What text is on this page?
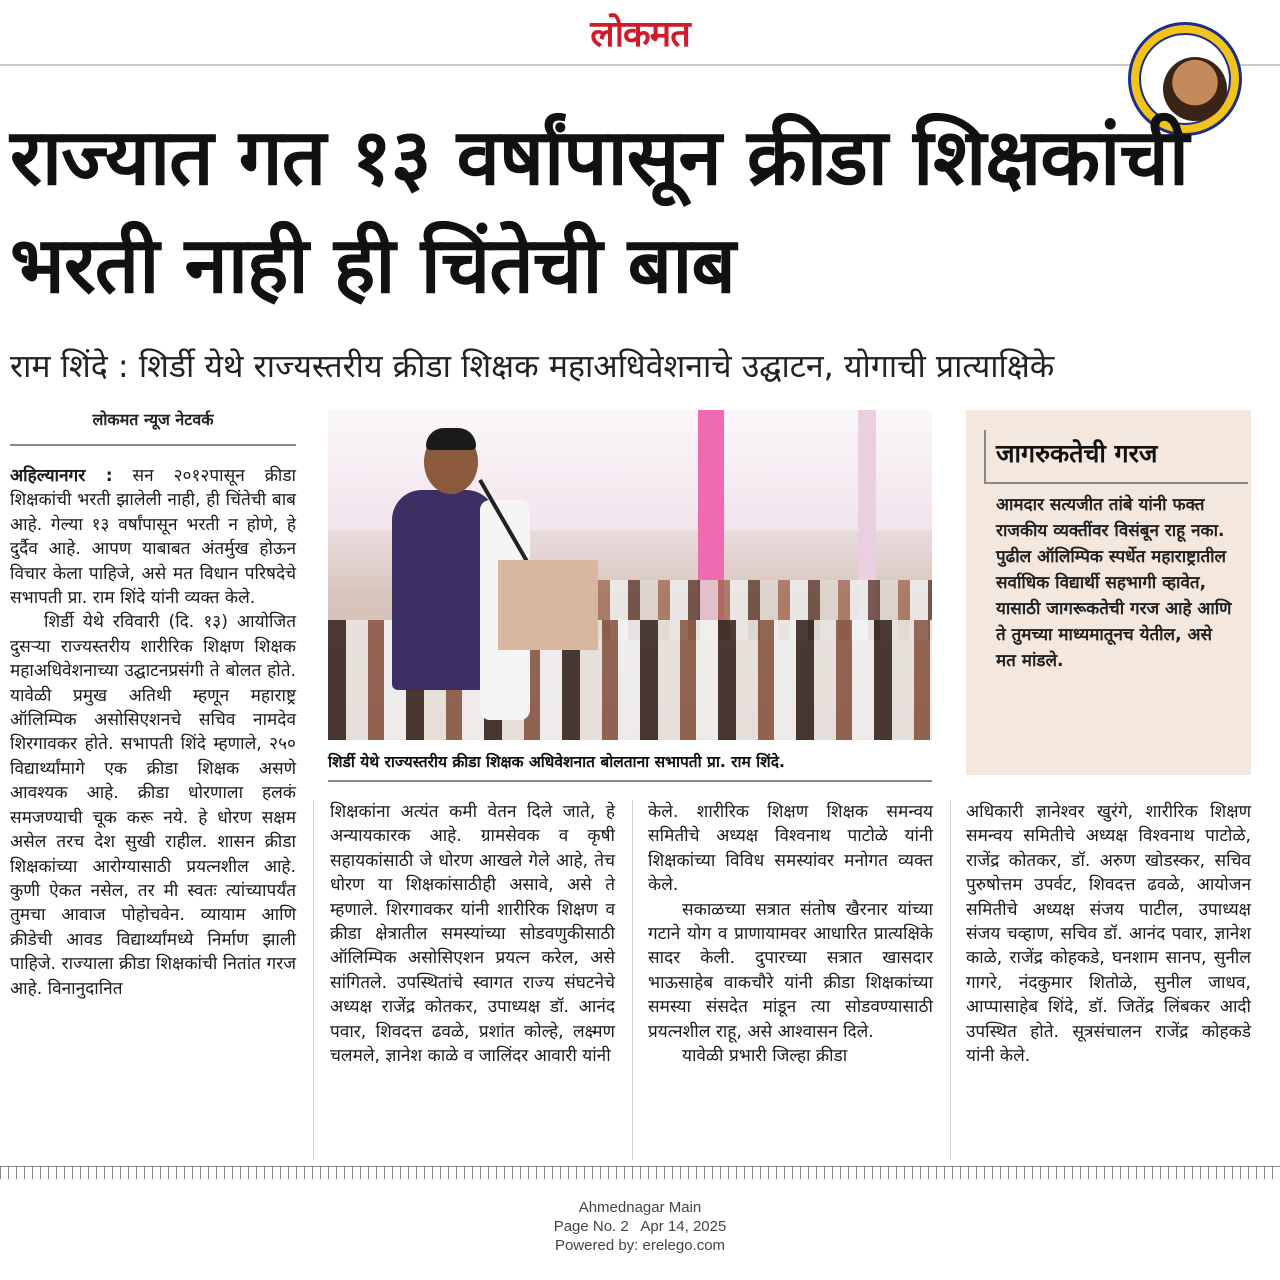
लोकमत
राज्यात गत १३ वर्षांपासून क्रीडा शिक्षकांची भरती नाही ही चिंतेची बाब

राम शिंदे : शिर्डी येथे राज्यस्तरीय क्रीडा शिक्षक महाअधिवेशनाचे उद्घाटन, योगाची प्रात्याक्षिके

लोकमत न्यूज नेटवर्क

अहिल्यानगर : सन २०१२पासून क्रीडा शिक्षकांची भरती झालेली नाही, ही चिंतेची बाब आहे. गेल्या १३ वर्षांपासून भरती न होणे, हे दुर्दैव आहे. आपण याबाबत अंतर्मुख होऊन विचार केला पाहिजे, असे मत विधान परिषदेचे सभापती प्रा. राम शिंदे यांनी व्यक्त केले.

शिर्डी येथे रविवारी (दि. १३) आयोजित दुसऱ्या राज्यस्तरीय शारीरिक शिक्षण शिक्षक महाअधिवेशनाच्या उद्घाटनप्रसंगी ते बोलत होते. यावेळी प्रमुख अतिथी म्हणून महाराष्ट्र ऑलिम्पिक असोसिएशनचे सचिव नामदेव शिरगावकर होते. सभापती शिंदे म्हणाले, २५० विद्यार्थ्यांमागे एक क्रीडा शिक्षक असणे आवश्यक आहे. क्रीडा धोरणाला हलकं समजण्याची चूक करू नये. हे धोरण सक्षम असेल तरच देश सुखी राहील. शासन क्रीडा शिक्षकांच्या आरोग्यासाठी प्रयत्नशील आहे. कुणी ऐकत नसेल, तर मी स्वतः त्यांच्यापर्यंत तुमचा आवाज पोहोचवेन. व्यायाम आणि क्रीडेची आवड विद्यार्थ्यांमध्ये निर्माण झाली पाहिजे. राज्याला क्रीडा शिक्षकांची नितांत गरज आहे. विनानुदानित

शिर्डी येथे राज्यस्तरीय क्रीडा शिक्षक अधिवेशनात बोलताना सभापती प्रा. राम शिंदे.
जागरुकतेची गरज

आमदार सत्यजीत तांबे यांनी फक्त राजकीय व्यक्तींवर विसंबून राहू नका. पुढील ऑलिम्पिक स्पर्धेत महाराष्ट्रातील सर्वाधिक विद्यार्थी सहभागी व्हावेत, यासाठी जागरूकतेची गरज आहे आणि ते तुमच्या माध्यमातूनच येतील, असे मत मांडले.

शिक्षकांना अत्यंत कमी वेतन दिले जाते, हे अन्यायकारक आहे. ग्रामसेवक व कृषी सहायकांसाठी जे धोरण आखले गेले आहे, तेच धोरण या शिक्षकांसाठीही असावे, असे ते म्हणाले. शिरगावकर यांनी शारीरिक शिक्षण व क्रीडा क्षेत्रातील समस्यांच्या सोडवणुकीसाठी ऑलिम्पिक असोसिएशन प्रयत्न करेल, असे सांगितले. उपस्थितांचे स्वागत राज्य संघटनेचे अध्यक्ष राजेंद्र कोतकर, उपाध्यक्ष डॉ. आनंद पवार, शिवदत्त ढवळे, प्रशांत कोल्हे, लक्ष्मण चलमले, ज्ञानेश काळे व जालिंदर आवारी यांनी

केले. शारीरिक शिक्षण शिक्षक समन्वय समितीचे अध्यक्ष विश्वनाथ पाटोळे यांनी शिक्षकांच्या विविध समस्यांवर मनोगत व्यक्त केले.

सकाळच्या सत्रात संतोष खैरनार यांच्या गटाने योग व प्राणायामवर आधारित प्रात्यक्षिके सादर केली. दुपारच्या सत्रात खासदार भाऊसाहेब वाकचौरे यांनी क्रीडा शिक्षकांच्या समस्या संसदेत मांडून त्या सोडवण्यासाठी प्रयत्नशील राहू, असे आश्वासन दिले.

यावेळी प्रभारी जिल्हा क्रीडा

अधिकारी ज्ञानेश्वर खुरंगे, शारीरिक शिक्षण समन्वय समितीचे अध्यक्ष विश्वनाथ पाटोळे, राजेंद्र कोतकर, डॉ. अरुण खोडस्कर, सचिव पुरुषोत्तम उपर्वट, शिवदत्त ढवळे, आयोजन समितीचे अध्यक्ष संजय पाटील, उपाध्यक्ष संजय चव्हाण, सचिव डॉ. आनंद पवार, ज्ञानेश काळे, राजेंद्र कोहकडे, घनशाम सानप, सुनील गागरे, नंदकुमार शितोळे, सुनील जाधव, आप्पासाहेब शिंदे, डॉ. जितेंद्र लिंबकर आदी उपस्थित होते. सूत्रसंचालन राजेंद्र कोहकडे यांनी केले.

Ahmednagar Main
Page No. 2   Apr 14, 2025
Powered by: erelego.com
